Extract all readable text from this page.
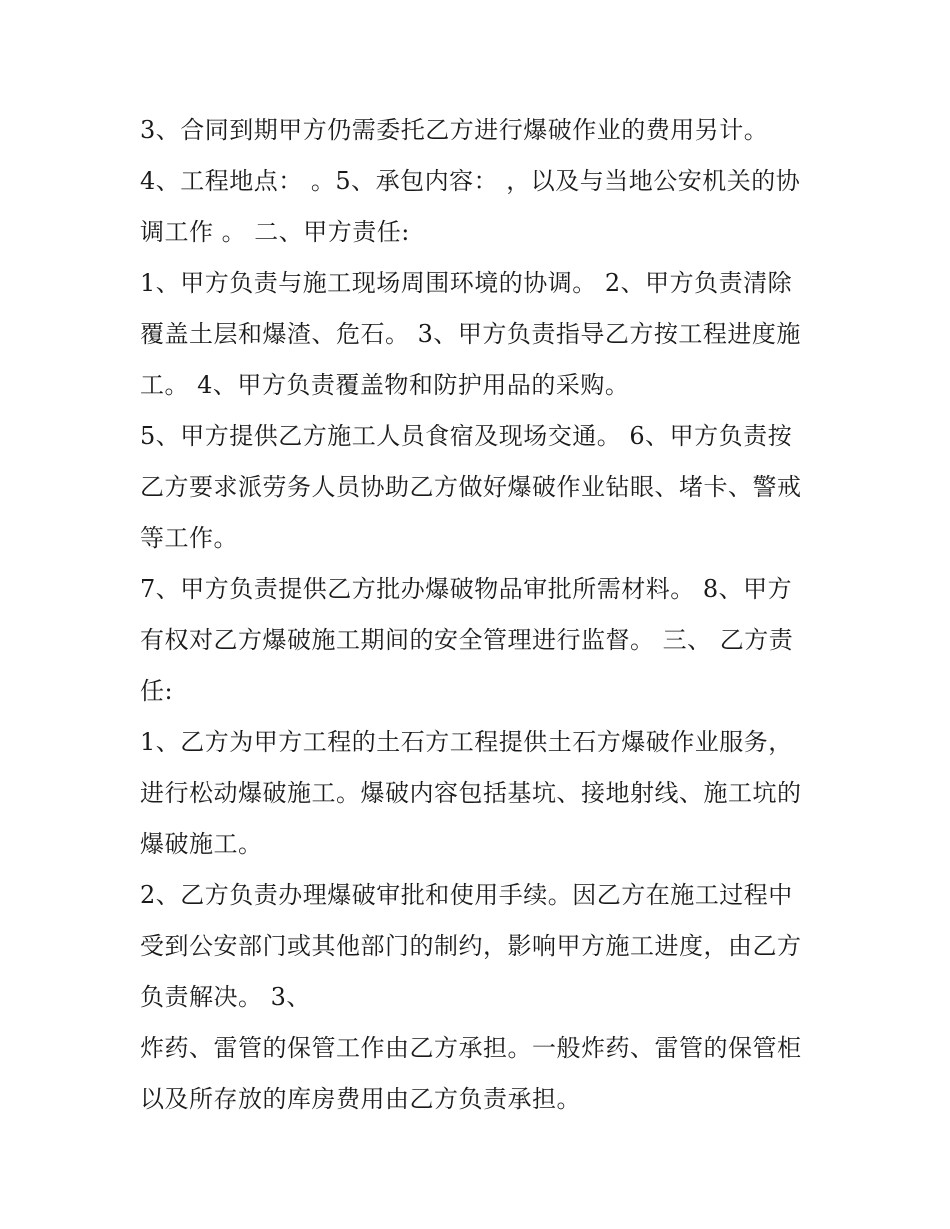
3、合同到期甲方仍需委托乙方进行爆破作业的费用另计。
4、工程地点： 。5、承包内容： ，以及与当地公安机关的协
调工作 。 二、甲方责任:
1、甲方负责与施工现场周围环境的协调。 2、甲方负责清除
覆盖土层和爆渣、危石。 3、甲方负责指导乙方按工程进度施
工。 4、甲方负责覆盖物和防护用品的采购。
5、甲方提供乙方施工人员食宿及现场交通。 6、甲方负责按
乙方要求派劳务人员协助乙方做好爆破作业钻眼、堵卡、警戒
等工作。
7、甲方负责提供乙方批办爆破物品审批所需材料。 8、甲方
有权对乙方爆破施工期间的安全管理进行监督。 三、 乙方责
任:
1、乙方为甲方工程的土石方工程提供土石方爆破作业服务，
进行松动爆破施工。爆破内容包括基坑、接地射线、施工坑的
爆破施工。
2、乙方负责办理爆破审批和使用手续。因乙方在施工过程中
受到公安部门或其他部门的制约，影响甲方施工进度，由乙方
负责解决。 3、
炸药、雷管的保管工作由乙方承担。一般炸药、雷管的保管柜
以及所存放的库房费用由乙方负责承担。
